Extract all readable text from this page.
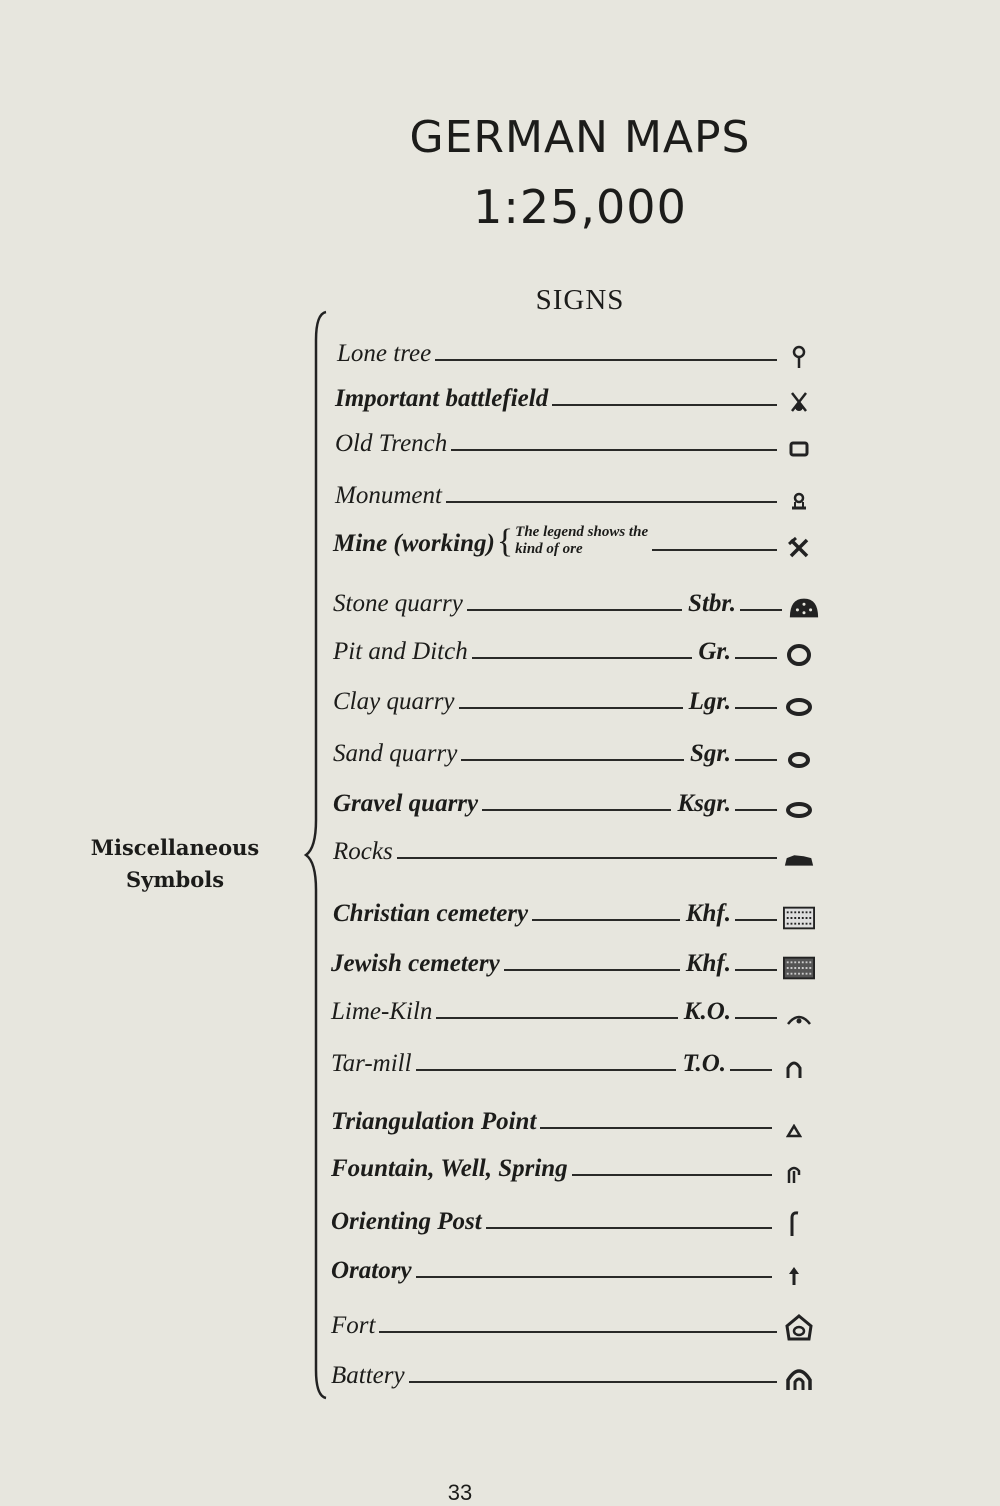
GERMAN MAPS
1:25,000
SIGNS
Miscellaneous
Symbols
Lone tree
Important battlefield
Old Trench
Monument
Mine (working) { The legend shows the
kind of ore
Stone quarry	Stbr.
Pit and Ditch	Gr.
Clay quarry	Lgr.
Sand quarry	Sgr.
Gravel quarry	Ksgr.
Rocks
Christian cemetery	Khf.
Jewish cemetery	Khf.
Lime-Kiln	K.O.
Tar-mill	T.O.
Triangulation Point
Fountain, Well, Spring
Orienting Post
Oratory
Fort
Battery
33
